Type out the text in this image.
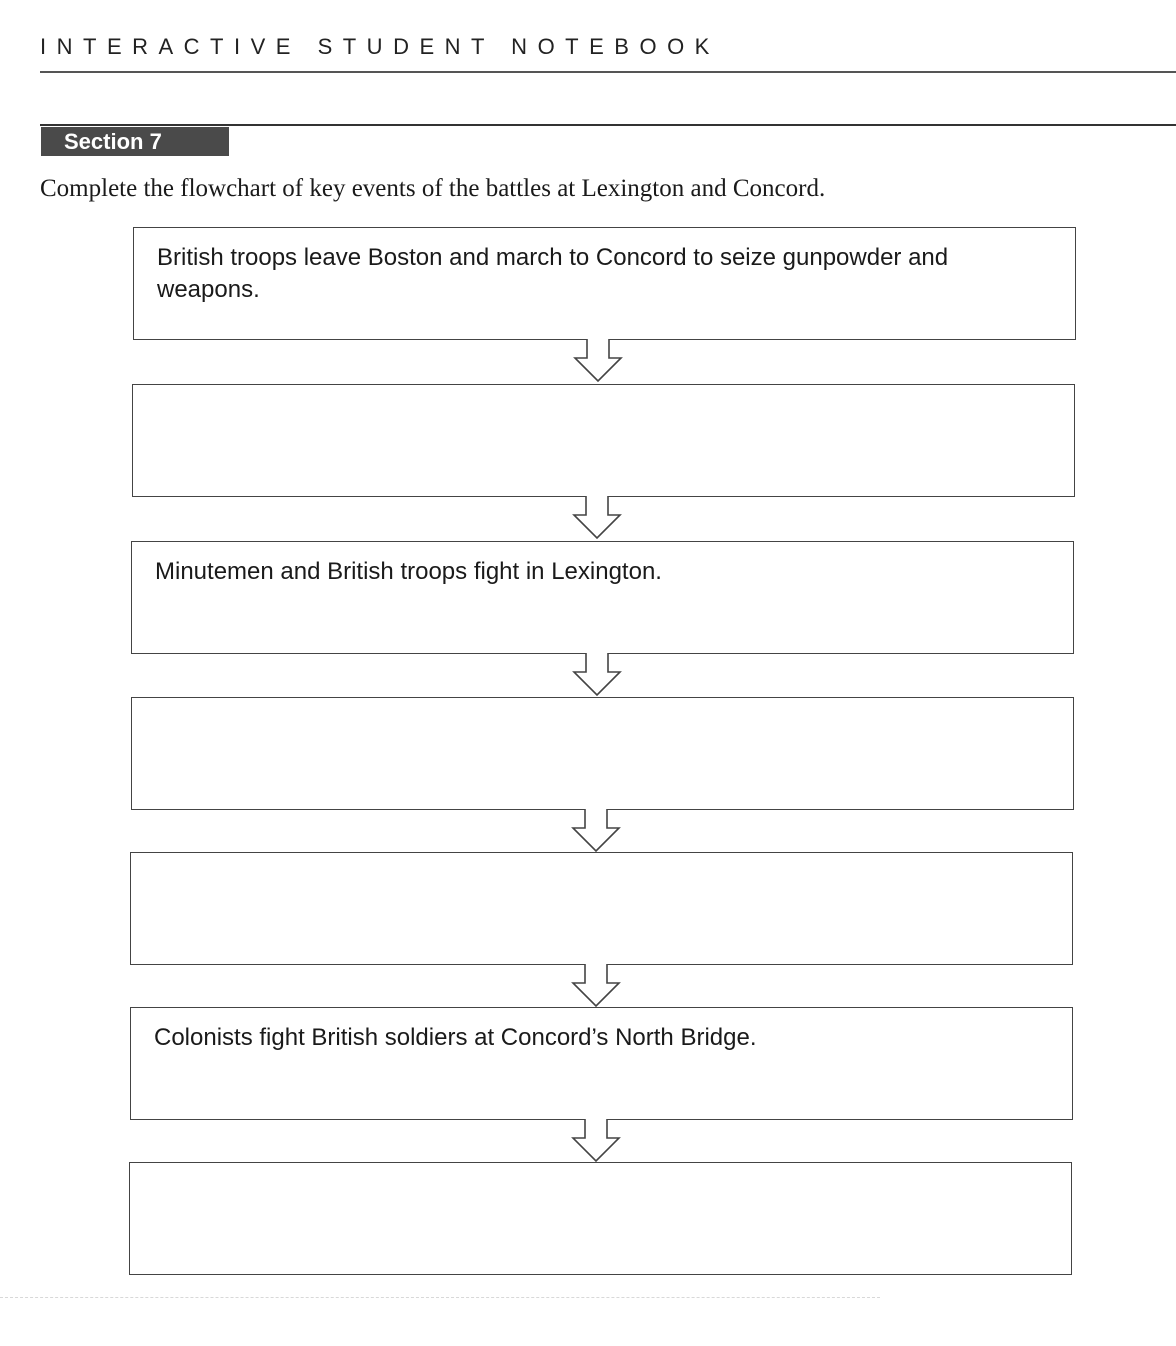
INTERACTIVE STUDENT NOTEBOOK
Section 7
Complete the flowchart of key events of the battles at Lexington and Concord.
British troops leave Boston and march to Concord to seize gunpowder and weapons.
Minutemen and British troops fight in Lexington.
Colonists fight British soldiers at Concord’s North Bridge.
